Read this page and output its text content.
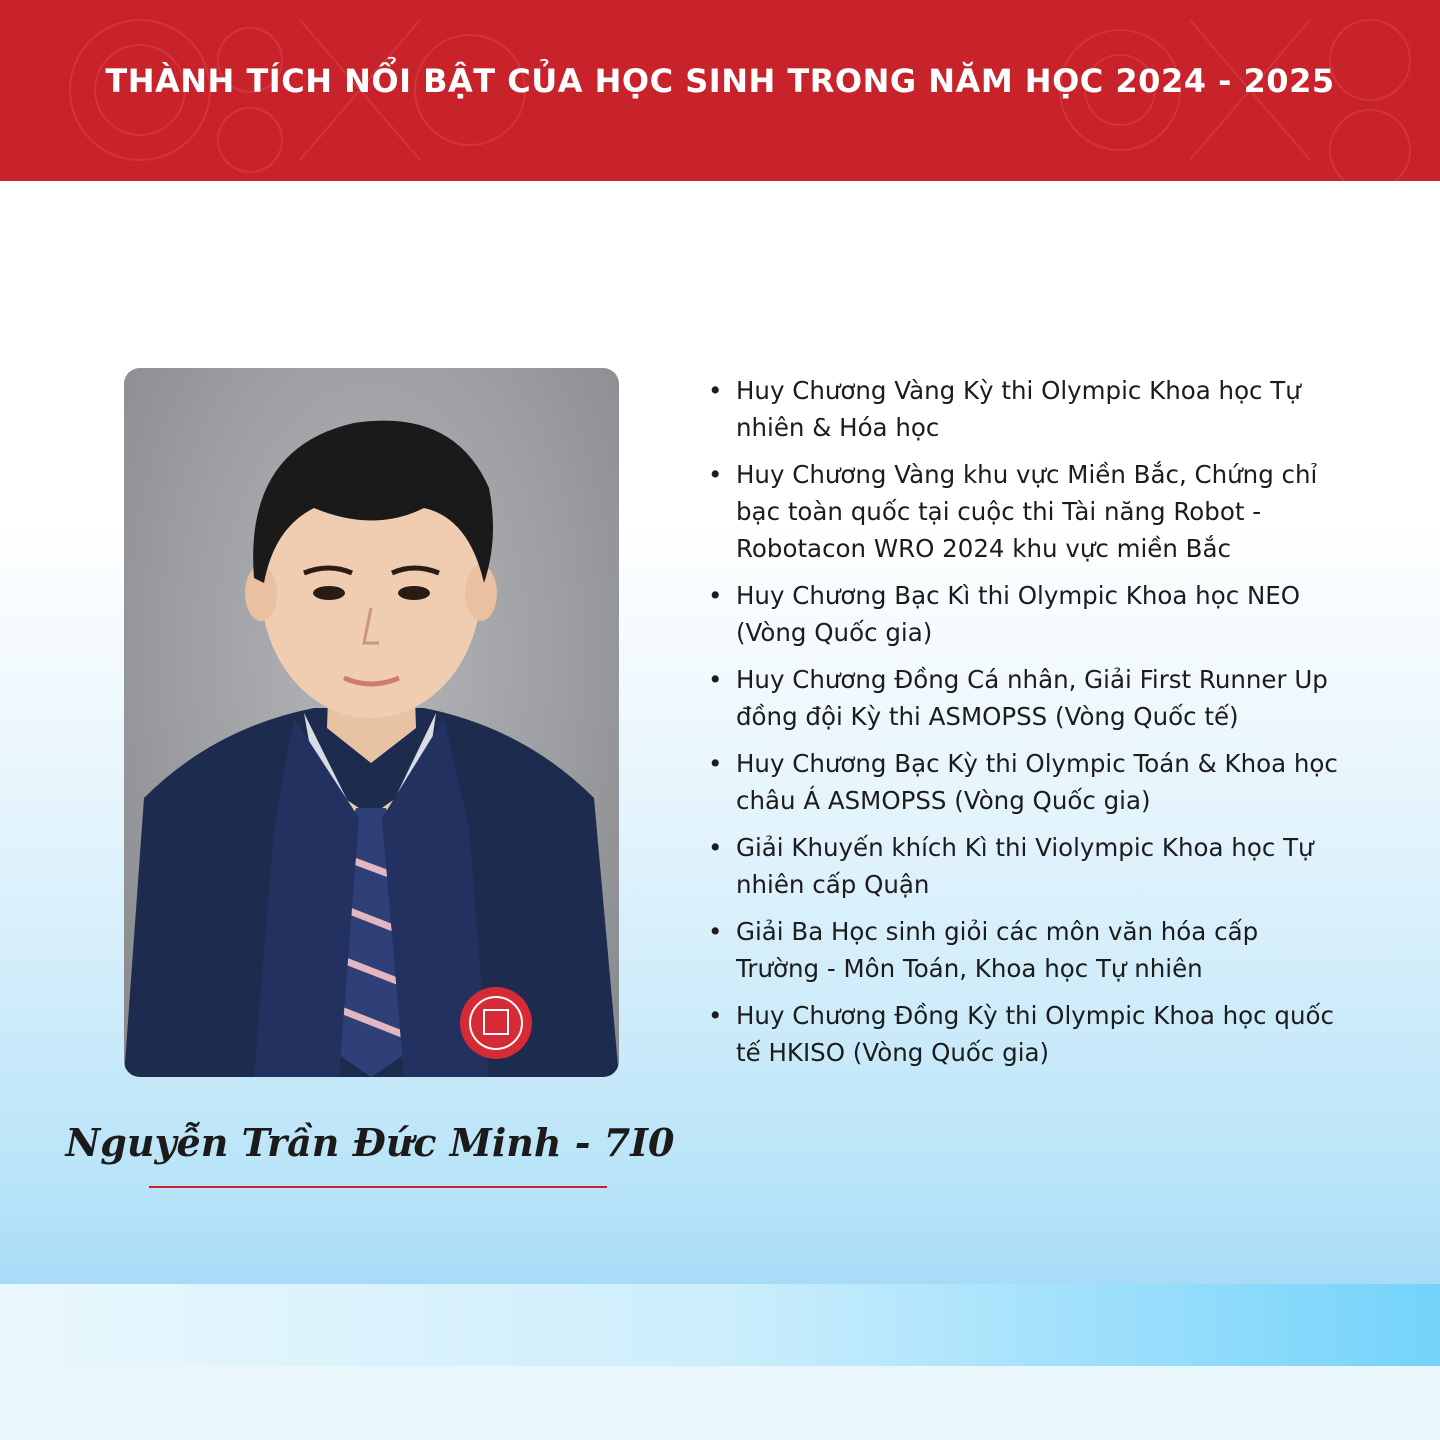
THÀNH TÍCH NỔI BẬT CỦA HỌC SINH TRONG NĂM HỌC 2024 - 2025
Nguyễn Trần Đức Minh - 7I0
• Huy Chương Vàng Kỳ thi Olympic Khoa học Tự nhiên & Hóa học
• Huy Chương Vàng khu vực Miền Bắc, Chứng chỉ bạc toàn quốc tại cuộc thi Tài năng Robot - Robotacon WRO 2024 khu vực miền Bắc
• Huy Chương Bạc Kì thi Olympic Khoa học NEO (Vòng Quốc gia)
• Huy Chương Đồng Cá nhân, Giải First Runner Up đồng đội Kỳ thi ASMOPSS (Vòng Quốc tế)
• Huy Chương Bạc Kỳ thi Olympic Toán & Khoa học châu Á ASMOPSS (Vòng Quốc gia)
• Giải Khuyến khích Kì thi Violympic Khoa học Tự nhiên cấp Quận
• Giải Ba Học sinh giỏi các môn văn hóa cấp Trường - Môn Toán, Khoa học Tự nhiên
• Huy Chương Đồng Kỳ thi Olympic Khoa học quốc tế HKISO (Vòng Quốc gia)
